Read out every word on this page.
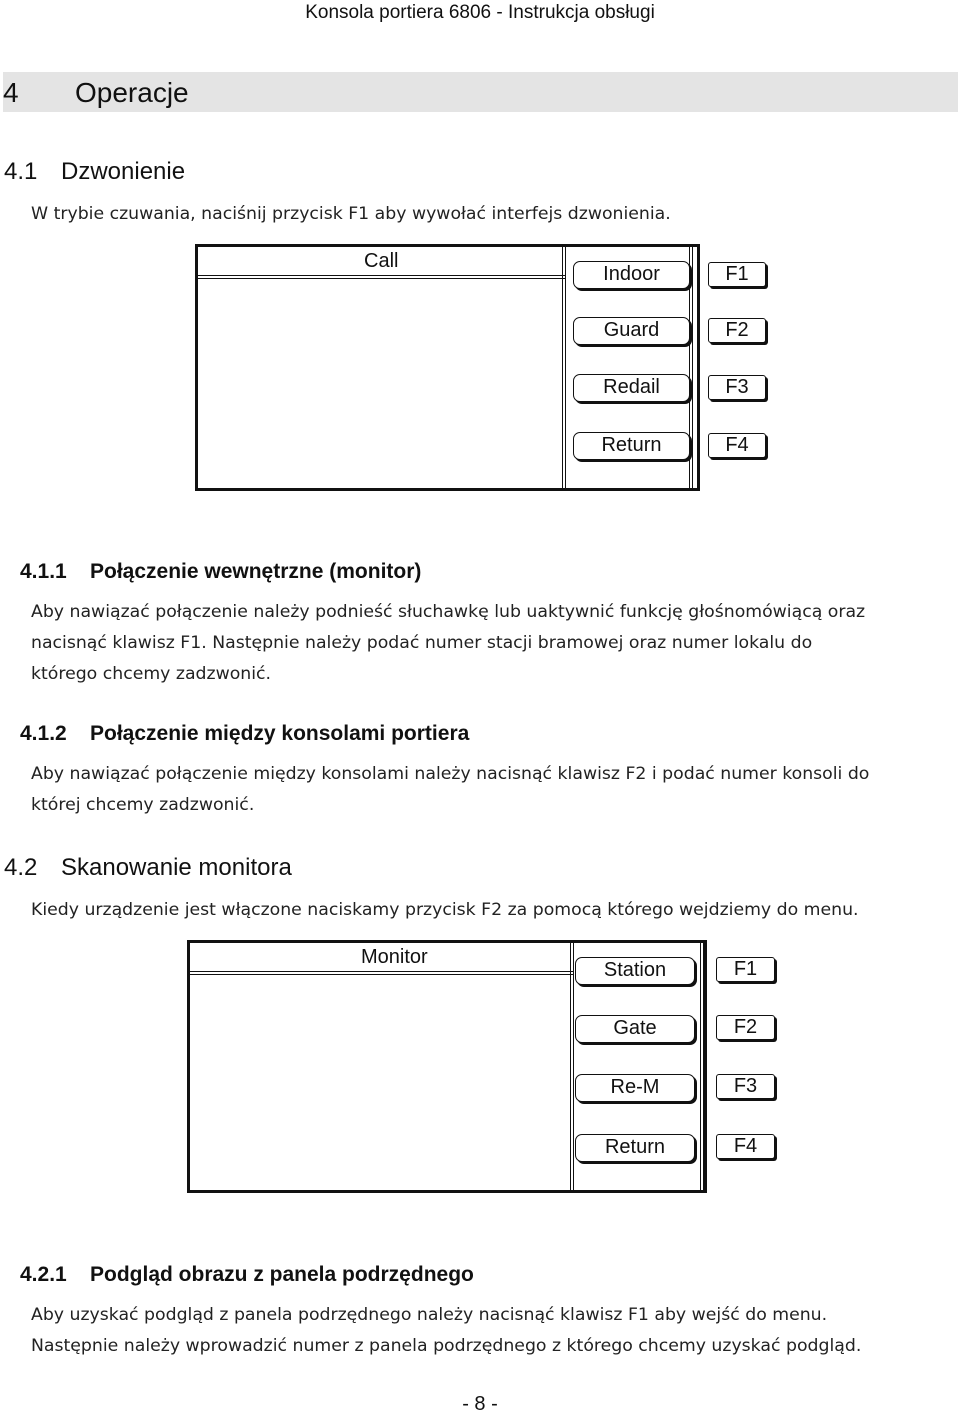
Konsola portiera 6806 - Instrukcja obsługi
4 Operacje
4.1 Dzwonienie
W trybie czuwania, naciśnij przycisk F1 aby wywołać interfejs dzwonienia.
Call
Indoor
Guard
Redail
Return
F1
F2
F3
F4
4.1.1 Połączenie wewnętrzne (monitor)
Aby nawiązać połączenie należy podnieść słuchawkę lub uaktywnić funkcję głośnomówiącą oraz
nacisnąć klawisz F1. Następnie należy podać numer stacji bramowej oraz numer lokalu do
którego chcemy zadzwonić.
4.1.2 Połączenie między konsolami portiera
Aby nawiązać połączenie między konsolami należy nacisnąć klawisz F2 i podać numer konsoli do
której chcemy zadzwonić.
4.2 Skanowanie monitora
Kiedy urządzenie jest włączone naciskamy przycisk F2 za pomocą którego wejdziemy do menu.
Monitor
Station
Gate
Re-M
Return
F1
F2
F3
F4
4.2.1 Podgląd obrazu z panela podrzędnego
Aby uzyskać podgląd z panela podrzędnego należy nacisnąć klawisz F1 aby wejść do menu.
Następnie należy wprowadzić numer z panela podrzędnego z którego chcemy uzyskać podgląd.
- 8 -
